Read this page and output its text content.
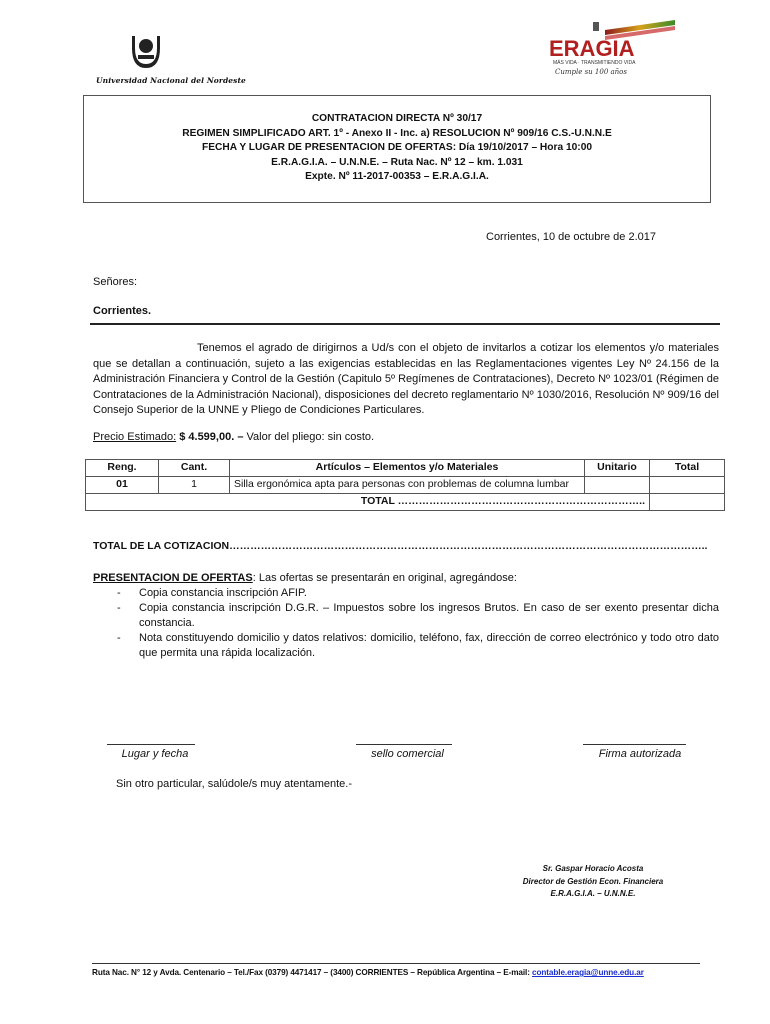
Universidad Nacional del Nordeste
ERAGIA
MÁS VIDA · TRANSMITIENDO VIDA
Cumple su 100 años
CONTRATACION DIRECTA Nº 30/17
REGIMEN SIMPLIFICADO ART. 1º - Anexo II - Inc. a) RESOLUCION Nº 909/16 C.S.-U.N.N.E
FECHA Y LUGAR DE PRESENTACION DE OFERTAS: Día 19/10/2017 – Hora 10:00
E.R.A.G.I.A. – U.N.N.E. – Ruta Nac. Nº 12 – km. 1.031
Expte. Nº 11-2017-00353 – E.R.A.G.I.A.
Corrientes, 10 de octubre de 2.017
Señores:
Corrientes.
Tenemos el agrado de dirigirnos a Ud/s con el objeto de invitarlos a cotizar los elementos y/o materiales que se detallan a continuación, sujeto a las exigencias establecidas en las Reglamentaciones vigentes Ley Nº 24.156 de la Administración Financiera y Control de la Gestión (Capitulo 5º Regímenes de Contrataciones), Decreto Nº 1023/01 (Régimen de Contrataciones de la Administración Nacional), disposiciones del decreto reglamentario Nº 1030/2016, Resolución Nº 909/16 del Consejo Superior de la UNNE y Pliego de Condiciones Particulares.
Precio Estimado: $ 4.599,00. – Valor del pliego: sin costo.
Reng.	Cant.	Artículos – Elementos y/o Materiales	Unitario	Total
01	1	Silla ergonómica apta para personas con problemas de columna lumbar		
TOTAL ……………………………………………………………..				
TOTAL DE LA COTIZACION………………………………………………………………………………………………………………………..
PRESENTACION DE OFERTAS: Las ofertas se presentarán en original, agregándose:
- Copia constancia inscripción AFIP.
- Copia constancia inscripción D.G.R. – Impuestos sobre los ingresos Brutos. En caso de ser exento presentar dicha constancia.
- Nota constituyendo domicilio y datos relativos: domicilio, teléfono, fax, dirección de correo electrónico y todo otro dato que permita una rápida localización.
Lugar y fecha	sello comercial	Firma autorizada
Sin otro particular, salúdole/s muy atentamente.-
Sr. Gaspar Horacio Acosta
Director de Gestión Econ. Financiera
E.R.A.G.I.A. – U.N.N.E.
Ruta Nac. N° 12 y Avda. Centenario – Tel./Fax (0379) 4471417 – (3400) CORRIENTES – República Argentina – E-mail: contable.eragia@unne.edu.ar
